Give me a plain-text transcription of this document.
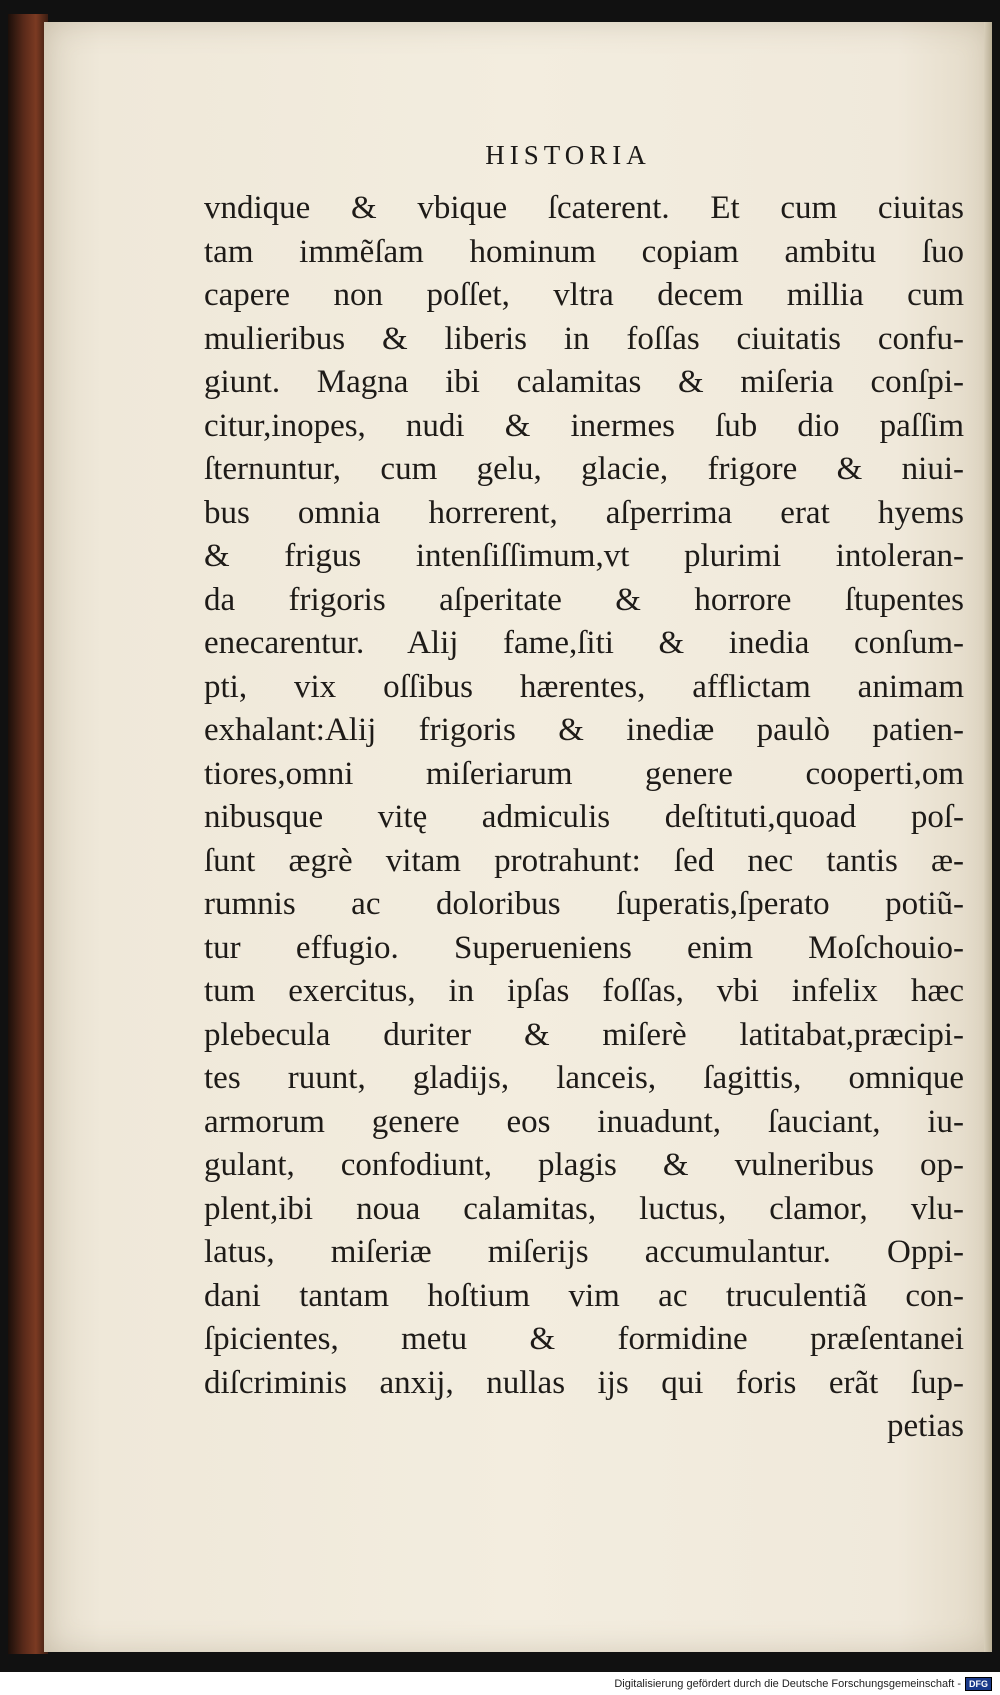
HISTORIA
vndique & vbique ſcaterent. Et cum ciuitas
tam immẽſam hominum copiam ambitu ſuo
capere non poſſet, vltra decem millia cum
mulieribus & liberis in foſſas ciuitatis confu-
giunt. Magna ibi calamitas & miſeria conſpi-
citur,inopes, nudi & inermes ſub dio paſſim
ſternuntur, cum gelu, glacie, frigore & niui-
bus omnia horrerent, aſperrima erat hyems
& frigus intenſiſſimum,vt plurimi intoleran-
da frigoris aſperitate & horrore ſtupentes
enecarentur. Alij fame,ſiti & inedia conſum-
pti, vix oſſibus hærentes, afflictam animam
exhalant:Alij frigoris & inediæ paulò patien-
tiores,omni miſeriarum genere cooperti,om
nibusque vitę admiculis deſtituti,quoad poſ-
ſunt ægrè vitam protrahunt: ſed nec tantis æ-
rumnis ac doloribus ſuperatis,ſperato potiũ-
tur effugio. Superueniens enim Moſchouio-
tum exercitus, in ipſas foſſas, vbi infelix hæc
plebecula duriter & miſerè latitabat,præcipi-
tes ruunt, gladijs, lanceis, ſagittis, omnique
armorum genere eos inuadunt, ſauciant, iu-
gulant, confodiunt, plagis & vulneribus op-
plent,ibi noua calamitas, luctus, clamor, vlu-
latus, miſeriæ miſerijs accumulantur. Oppi-
dani tantam hoſtium vim ac truculentiã con-
ſpicientes, metu & formidine præſentanei
diſcriminis anxij, nullas ijs qui foris erãt ſup-
petias
Digitalisierung gefördert durch die Deutsche Forschungsgemeinschaft - DFG
